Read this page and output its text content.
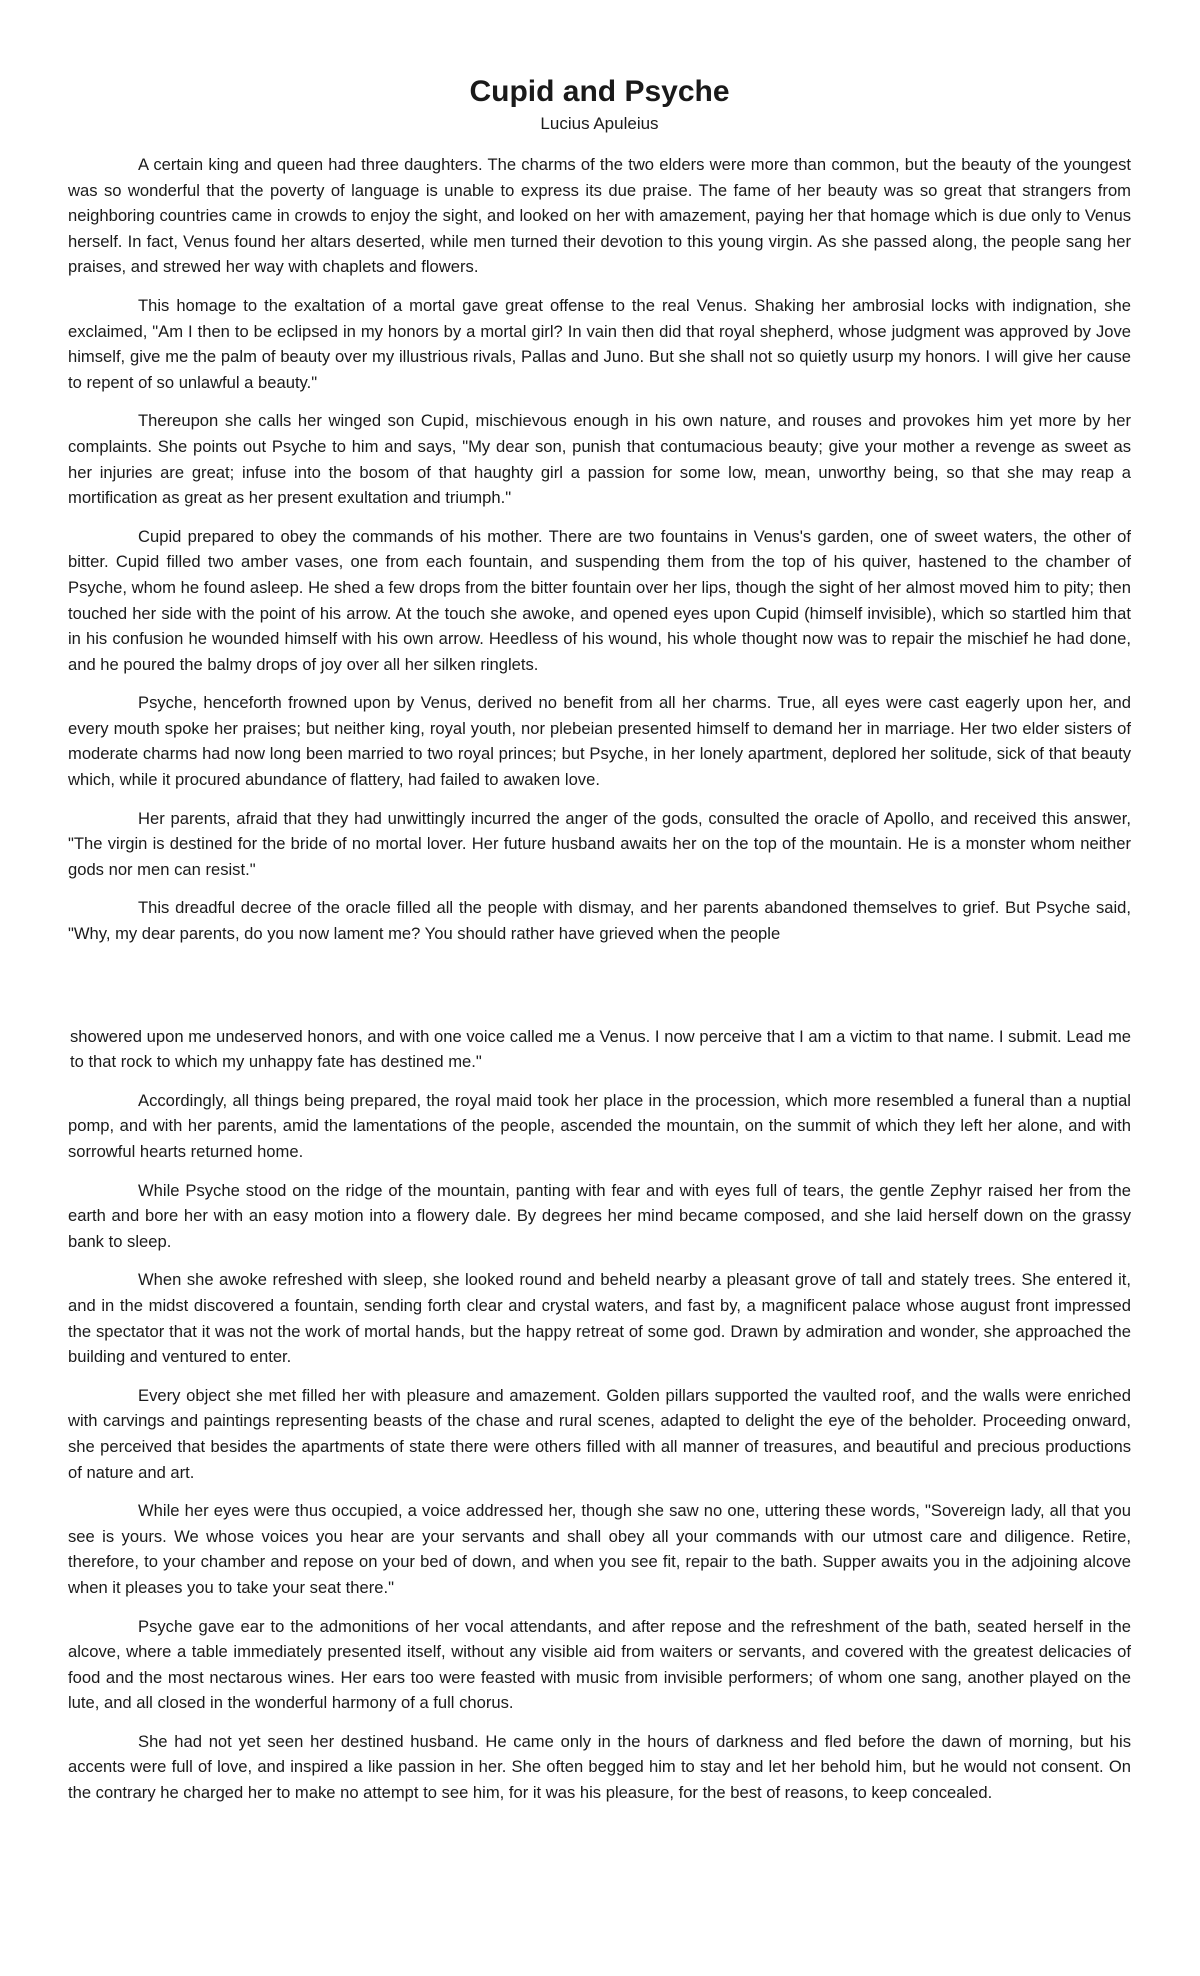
Cupid and Psyche
Lucius Apuleius

A certain king and queen had three daughters. The charms of the two elders were more than common, but the beauty of the youngest was so wonderful that the poverty of language is unable to express its due praise. The fame of her beauty was so great that strangers from neighboring countries came in crowds to enjoy the sight, and looked on her with amazement, paying her that homage which is due only to Venus herself. In fact, Venus found her altars deserted, while men turned their devotion to this young virgin. As she passed along, the people sang her praises, and strewed her way with chaplets and flowers.

This homage to the exaltation of a mortal gave great offense to the real Venus. Shaking her ambrosial locks with indignation, she exclaimed, "Am I then to be eclipsed in my honors by a mortal girl? In vain then did that royal shepherd, whose judgment was approved by Jove himself, give me the palm of beauty over my illustrious rivals, Pallas and Juno. But she shall not so quietly usurp my honors. I will give her cause to repent of so unlawful a beauty."

Thereupon she calls her winged son Cupid, mischievous enough in his own nature, and rouses and provokes him yet more by her complaints. She points out Psyche to him and says, "My dear son, punish that contumacious beauty; give your mother a revenge as sweet as her injuries are great; infuse into the bosom of that haughty girl a passion for some low, mean, unworthy being, so that she may reap a mortification as great as her present exultation and triumph."

Cupid prepared to obey the commands of his mother. There are two fountains in Venus's garden, one of sweet waters, the other of bitter. Cupid filled two amber vases, one from each fountain, and suspending them from the top of his quiver, hastened to the chamber of Psyche, whom he found asleep. He shed a few drops from the bitter fountain over her lips, though the sight of her almost moved him to pity; then touched her side with the point of his arrow. At the touch she awoke, and opened eyes upon Cupid (himself invisible), which so startled him that in his confusion he wounded himself with his own arrow. Heedless of his wound, his whole thought now was to repair the mischief he had done, and he poured the balmy drops of joy over all her silken ringlets.

Psyche, henceforth frowned upon by Venus, derived no benefit from all her charms. True, all eyes were cast eagerly upon her, and every mouth spoke her praises; but neither king, royal youth, nor plebeian presented himself to demand her in marriage. Her two elder sisters of moderate charms had now long been married to two royal princes; but Psyche, in her lonely apartment, deplored her solitude, sick of that beauty which, while it procured abundance of flattery, had failed to awaken love.

Her parents, afraid that they had unwittingly incurred the anger of the gods, consulted the oracle of Apollo, and received this answer, "The virgin is destined for the bride of no mortal lover. Her future husband awaits her on the top of the mountain. He is a monster whom neither gods nor men can resist."

This dreadful decree of the oracle filled all the people with dismay, and her parents abandoned themselves to grief. But Psyche said, "Why, my dear parents, do you now lament me? You should rather have grieved when the people

showered upon me undeserved honors, and with one voice called me a Venus. I now perceive that I am a victim to that name. I submit. Lead me to that rock to which my unhappy fate has destined me."

Accordingly, all things being prepared, the royal maid took her place in the procession, which more resembled a funeral than a nuptial pomp, and with her parents, amid the lamentations of the people, ascended the mountain, on the summit of which they left her alone, and with sorrowful hearts returned home.

While Psyche stood on the ridge of the mountain, panting with fear and with eyes full of tears, the gentle Zephyr raised her from the earth and bore her with an easy motion into a flowery dale. By degrees her mind became composed, and she laid herself down on the grassy bank to sleep.

When she awoke refreshed with sleep, she looked round and beheld nearby a pleasant grove of tall and stately trees. She entered it, and in the midst discovered a fountain, sending forth clear and crystal waters, and fast by, a magnificent palace whose august front impressed the spectator that it was not the work of mortal hands, but the happy retreat of some god. Drawn by admiration and wonder, she approached the building and ventured to enter.

Every object she met filled her with pleasure and amazement. Golden pillars supported the vaulted roof, and the walls were enriched with carvings and paintings representing beasts of the chase and rural scenes, adapted to delight the eye of the beholder. Proceeding onward, she perceived that besides the apartments of state there were others filled with all manner of treasures, and beautiful and precious productions of nature and art.

While her eyes were thus occupied, a voice addressed her, though she saw no one, uttering these words, "Sovereign lady, all that you see is yours. We whose voices you hear are your servants and shall obey all your commands with our utmost care and diligence. Retire, therefore, to your chamber and repose on your bed of down, and when you see fit, repair to the bath. Supper awaits you in the adjoining alcove when it pleases you to take your seat there."

Psyche gave ear to the admonitions of her vocal attendants, and after repose and the refreshment of the bath, seated herself in the alcove, where a table immediately presented itself, without any visible aid from waiters or servants, and covered with the greatest delicacies of food and the most nectarous wines. Her ears too were feasted with music from invisible performers; of whom one sang, another played on the lute, and all closed in the wonderful harmony of a full chorus.

She had not yet seen her destined husband. He came only in the hours of darkness and fled before the dawn of morning, but his accents were full of love, and inspired a like passion in her. She often begged him to stay and let her behold him, but he would not consent. On the contrary he charged her to make no attempt to see him, for it was his pleasure, for the best of reasons, to keep concealed.
